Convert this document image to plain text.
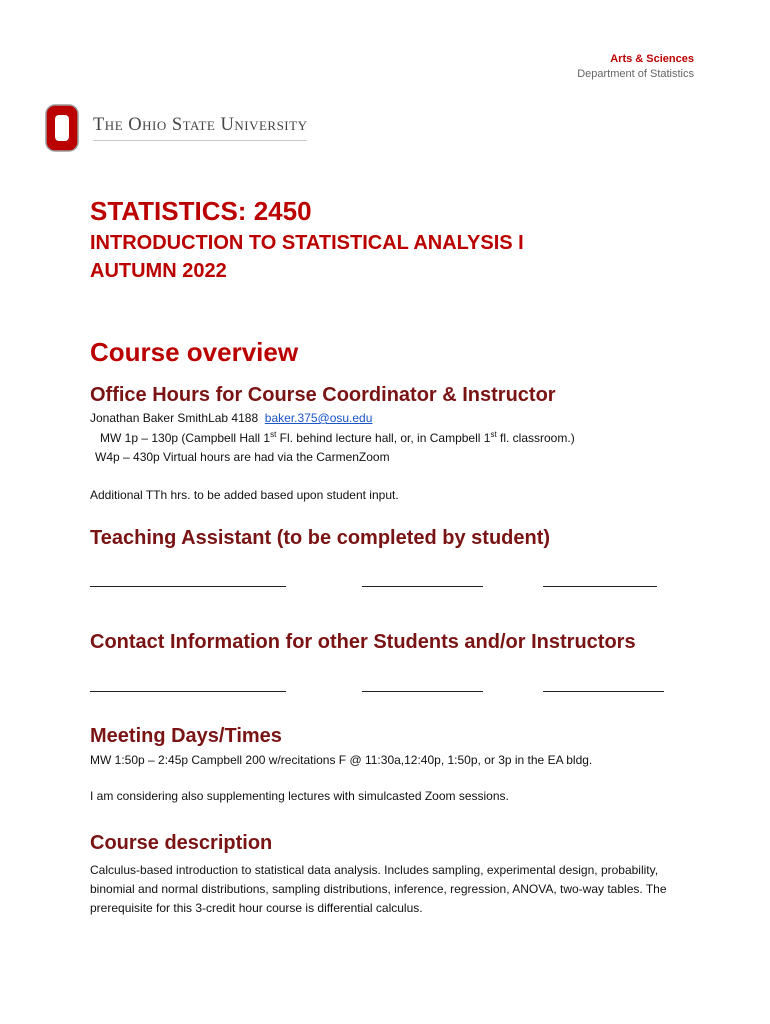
Arts & Sciences
Department of Statistics
The Ohio State University
STATISTICS: 2450
INTRODUCTION TO STATISTICAL ANALYSIS I
AUTUMN 2022
Course overview
Office Hours for Course Coordinator & Instructor
Jonathan Baker SmithLab 4188 baker.375@osu.edu
MW 1p – 130p (Campbell Hall 1st Fl. behind lecture hall, or, in Campbell 1st fl. classroom.)
W4p – 430p Virtual hours are had via the CarmenZoom
Additional TTh hrs. to be added based upon student input.
Teaching Assistant (to be completed by student)
Contact Information for other Students and/or Instructors
Meeting Days/Times
MW 1:50p – 2:45p Campbell 200 w/recitations F @ 11:30a,12:40p, 1:50p, or 3p in the EA bldg.
I am considering also supplementing lectures with simulcasted Zoom sessions.
Course description
Calculus-based introduction to statistical data analysis. Includes sampling, experimental design, probability, binomial and normal distributions, sampling distributions, inference, regression, ANOVA, two-way tables. The prerequisite for this 3-credit hour course is differential calculus.
